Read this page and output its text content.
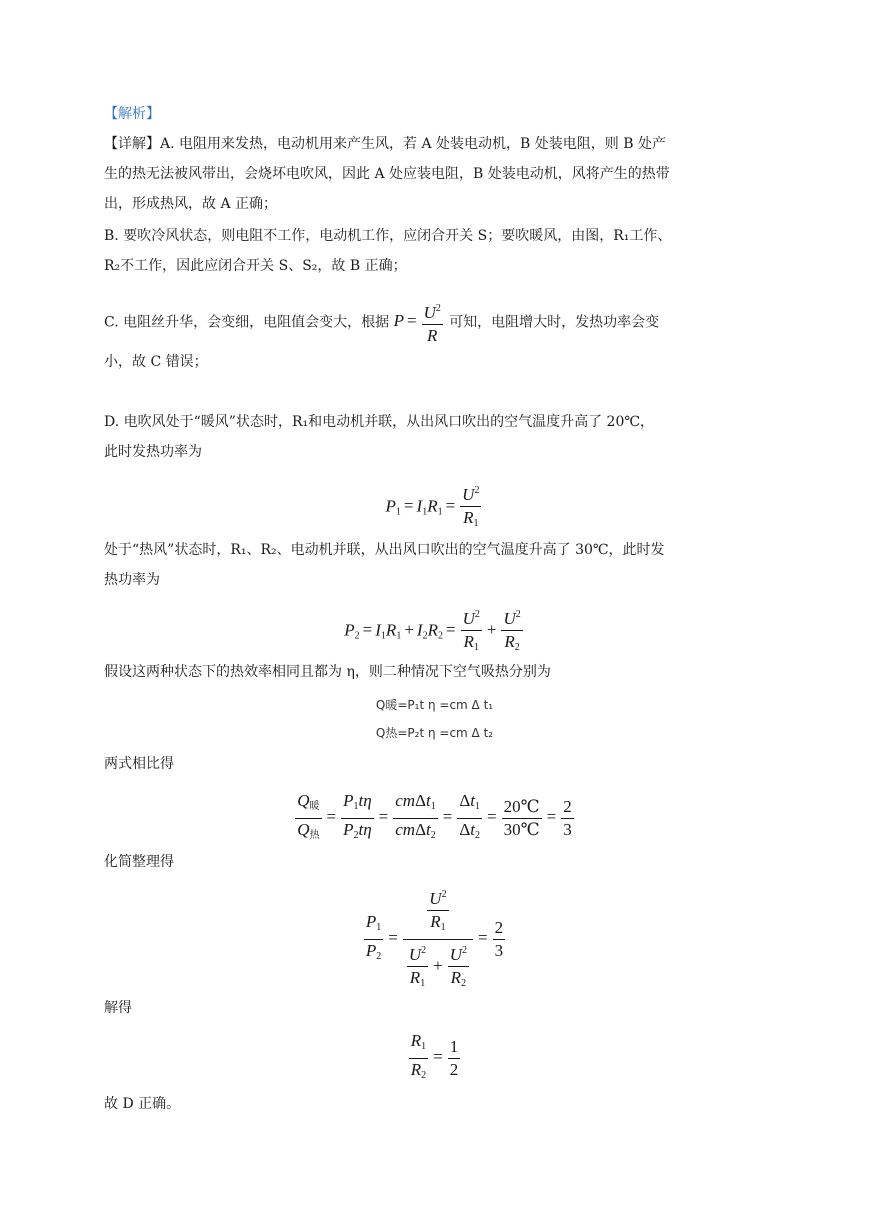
【解析】
【详解】A. 电阻用来发热，电动机用来产生风，若 A 处装电动机，B 处装电阻，则 B 处产
生的热无法被风带出，会烧坏电吹风，因此 A 处应装电阻，B 处装电动机，风将产生的热带
出，形成热风，故 A 正确；
B. 要吹冷风状态，则电阻不工作，电动机工作，应闭合开关 S；要吹暖风，由图，R₁工作、
R₂不工作，因此应闭合开关 S、S₂，故 B 正确；
C. 电阻丝升华，会变细，电阻值会变大，根据 $P = \frac{U^2}{R}$ 可知，电阻增大时，发热功率会变
小，故 C 错误；
D. 电吹风处于“暖风”状态时，R₁和电动机并联，从出风口吹出的空气温度升高了 20℃，
此时发热功率为
$P_1 = I_1R_1 = \frac{U^2}{R_1}$
处于“热风”状态时，R₁、R₂、电动机并联，从出风口吹出的空气温度升高了 30℃，此时发
热功率为
$P_2 = I_1R_1 + I_2R_2 = \frac{U^2}{R_1} + \frac{U^2}{R_2}$
假设这两种状态下的热效率相同且都为 η，则二种情况下空气吸热分别为
Q暖=P₁t η =cm Δ t₁
Q热=P₂t η =cm Δ t₂
两式相比得
$\frac{Q_暖}{Q_热} = \frac{P_1t\eta}{P_2t\eta} = \frac{cm\Delta t_1}{cm\Delta t_2} = \frac{\Delta t_1}{\Delta t_2} = \frac{20℃}{30℃} = \frac{2}{3}$
化简整理得
$\frac{P_1}{P_2} = \frac{\frac{U^2}{R_1}}{\frac{U^2}{R_1} + \frac{U^2}{R_2}} = \frac{2}{3}$
解得
$\frac{R_1}{R_2} = \frac{1}{2}$
故 D 正确。
